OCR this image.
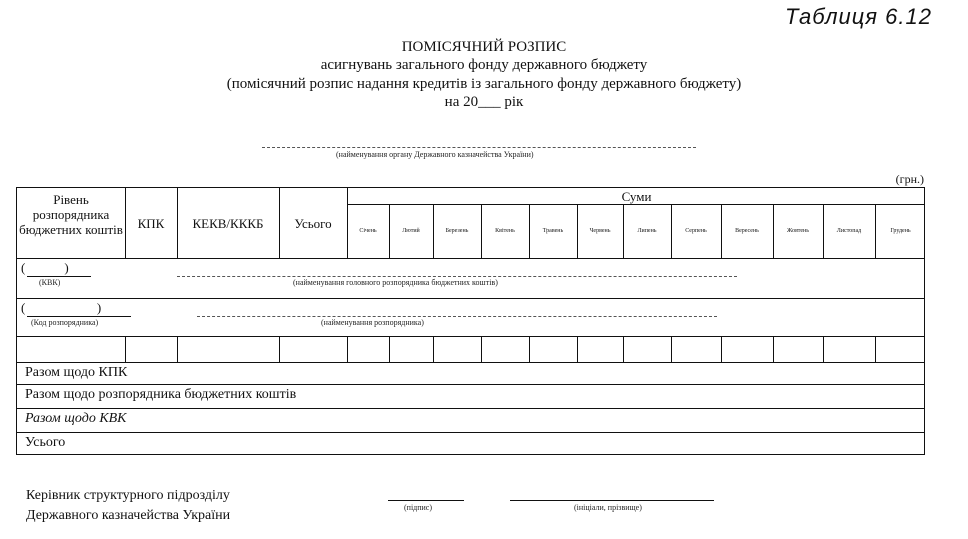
Таблиця 6.12
ПОМІСЯЧНИЙ РОЗПИС
асигнувань загального фонду державного бюджету
(помісячний розпис надання кредитів із загального фонду державного бюджету)
на 20___ рік
(найменування органу Державного казначейства України)
(грн.)
Рівень розпорядника бюджетних коштів	КПК	КЕКВ/КККБ	Усього
Суми
Січень	Лютий	Березень	Квітень	Травень	Червень	Липень	Серпень	Вересень	Жовтень	Листопад	Грудень
(            )
(КВК)	(найменування головного розпорядника бюджетних коштів)
(                      )
(Код розпорядника)	(найменування розпорядника)
Разом щодо КПК
Разом щодо розпорядника бюджетних коштів
Разом щодо КВК
Усього
Керівник структурного підрозділу
Державного казначейства України
(підпис)	(ініціали, прізвище)
